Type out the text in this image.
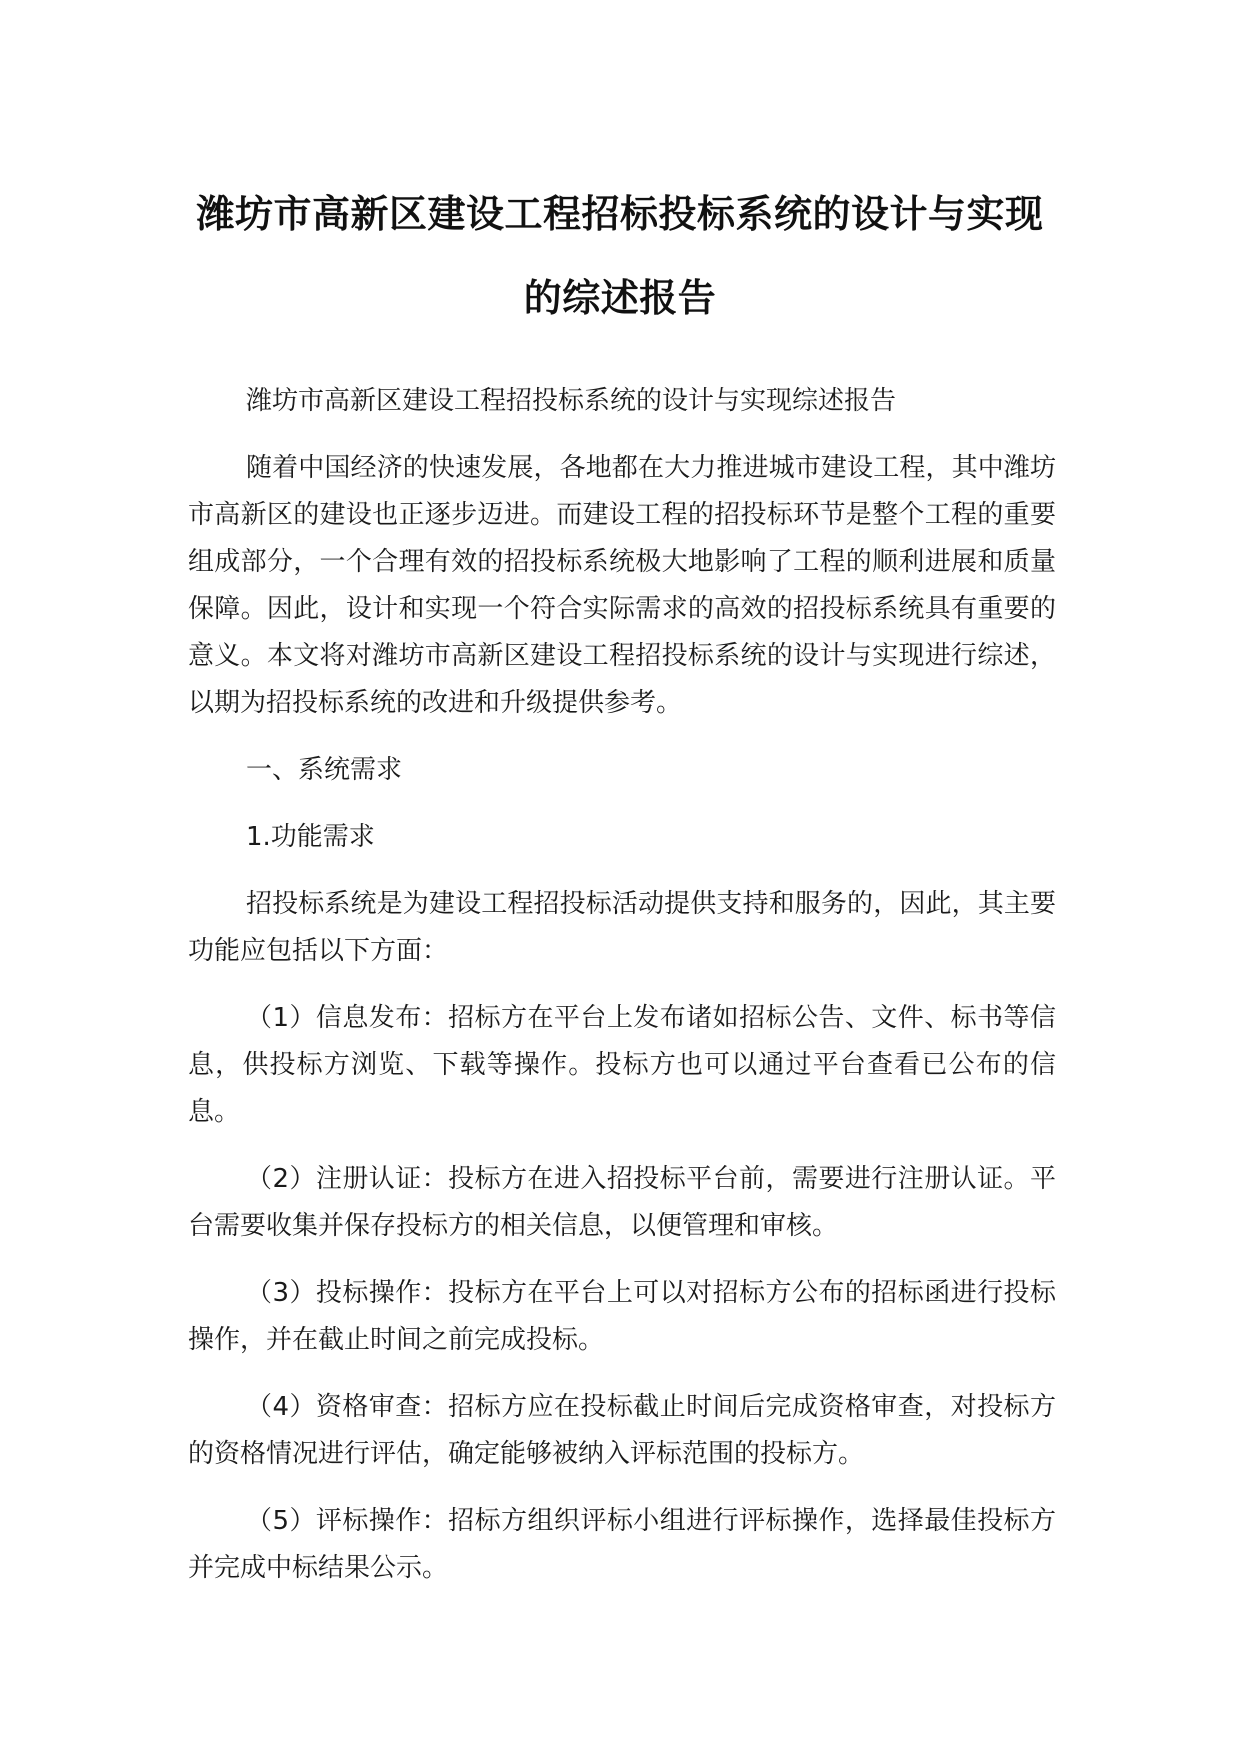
潍坊市高新区建设工程招标投标系统的设计与实现的综述报告

潍坊市高新区建设工程招投标系统的设计与实现综述报告

随着中国经济的快速发展，各地都在大力推进城市建设工程，其中潍坊市高新区的建设也正逐步迈进。而建设工程的招投标环节是整个工程的重要组成部分，一个合理有效的招投标系统极大地影响了工程的顺利进展和质量保障。因此，设计和实现一个符合实际需求的高效的招投标系统具有重要的意义。本文将对潍坊市高新区建设工程招投标系统的设计与实现进行综述，以期为招投标系统的改进和升级提供参考。

一、系统需求

1.功能需求

招投标系统是为建设工程招投标活动提供支持和服务的，因此，其主要功能应包括以下方面：

（1）信息发布：招标方在平台上发布诸如招标公告、文件、标书等信息，供投标方浏览、下载等操作。投标方也可以通过平台查看已公布的信息。

（2）注册认证：投标方在进入招投标平台前，需要进行注册认证。平台需要收集并保存投标方的相关信息，以便管理和审核。

（3）投标操作：投标方在平台上可以对招标方公布的招标函进行投标操作，并在截止时间之前完成投标。

（4）资格审查：招标方应在投标截止时间后完成资格审查，对投标方的资格情况进行评估，确定能够被纳入评标范围的投标方。

（5）评标操作：招标方组织评标小组进行评标操作，选择最佳投标方并完成中标结果公示。
